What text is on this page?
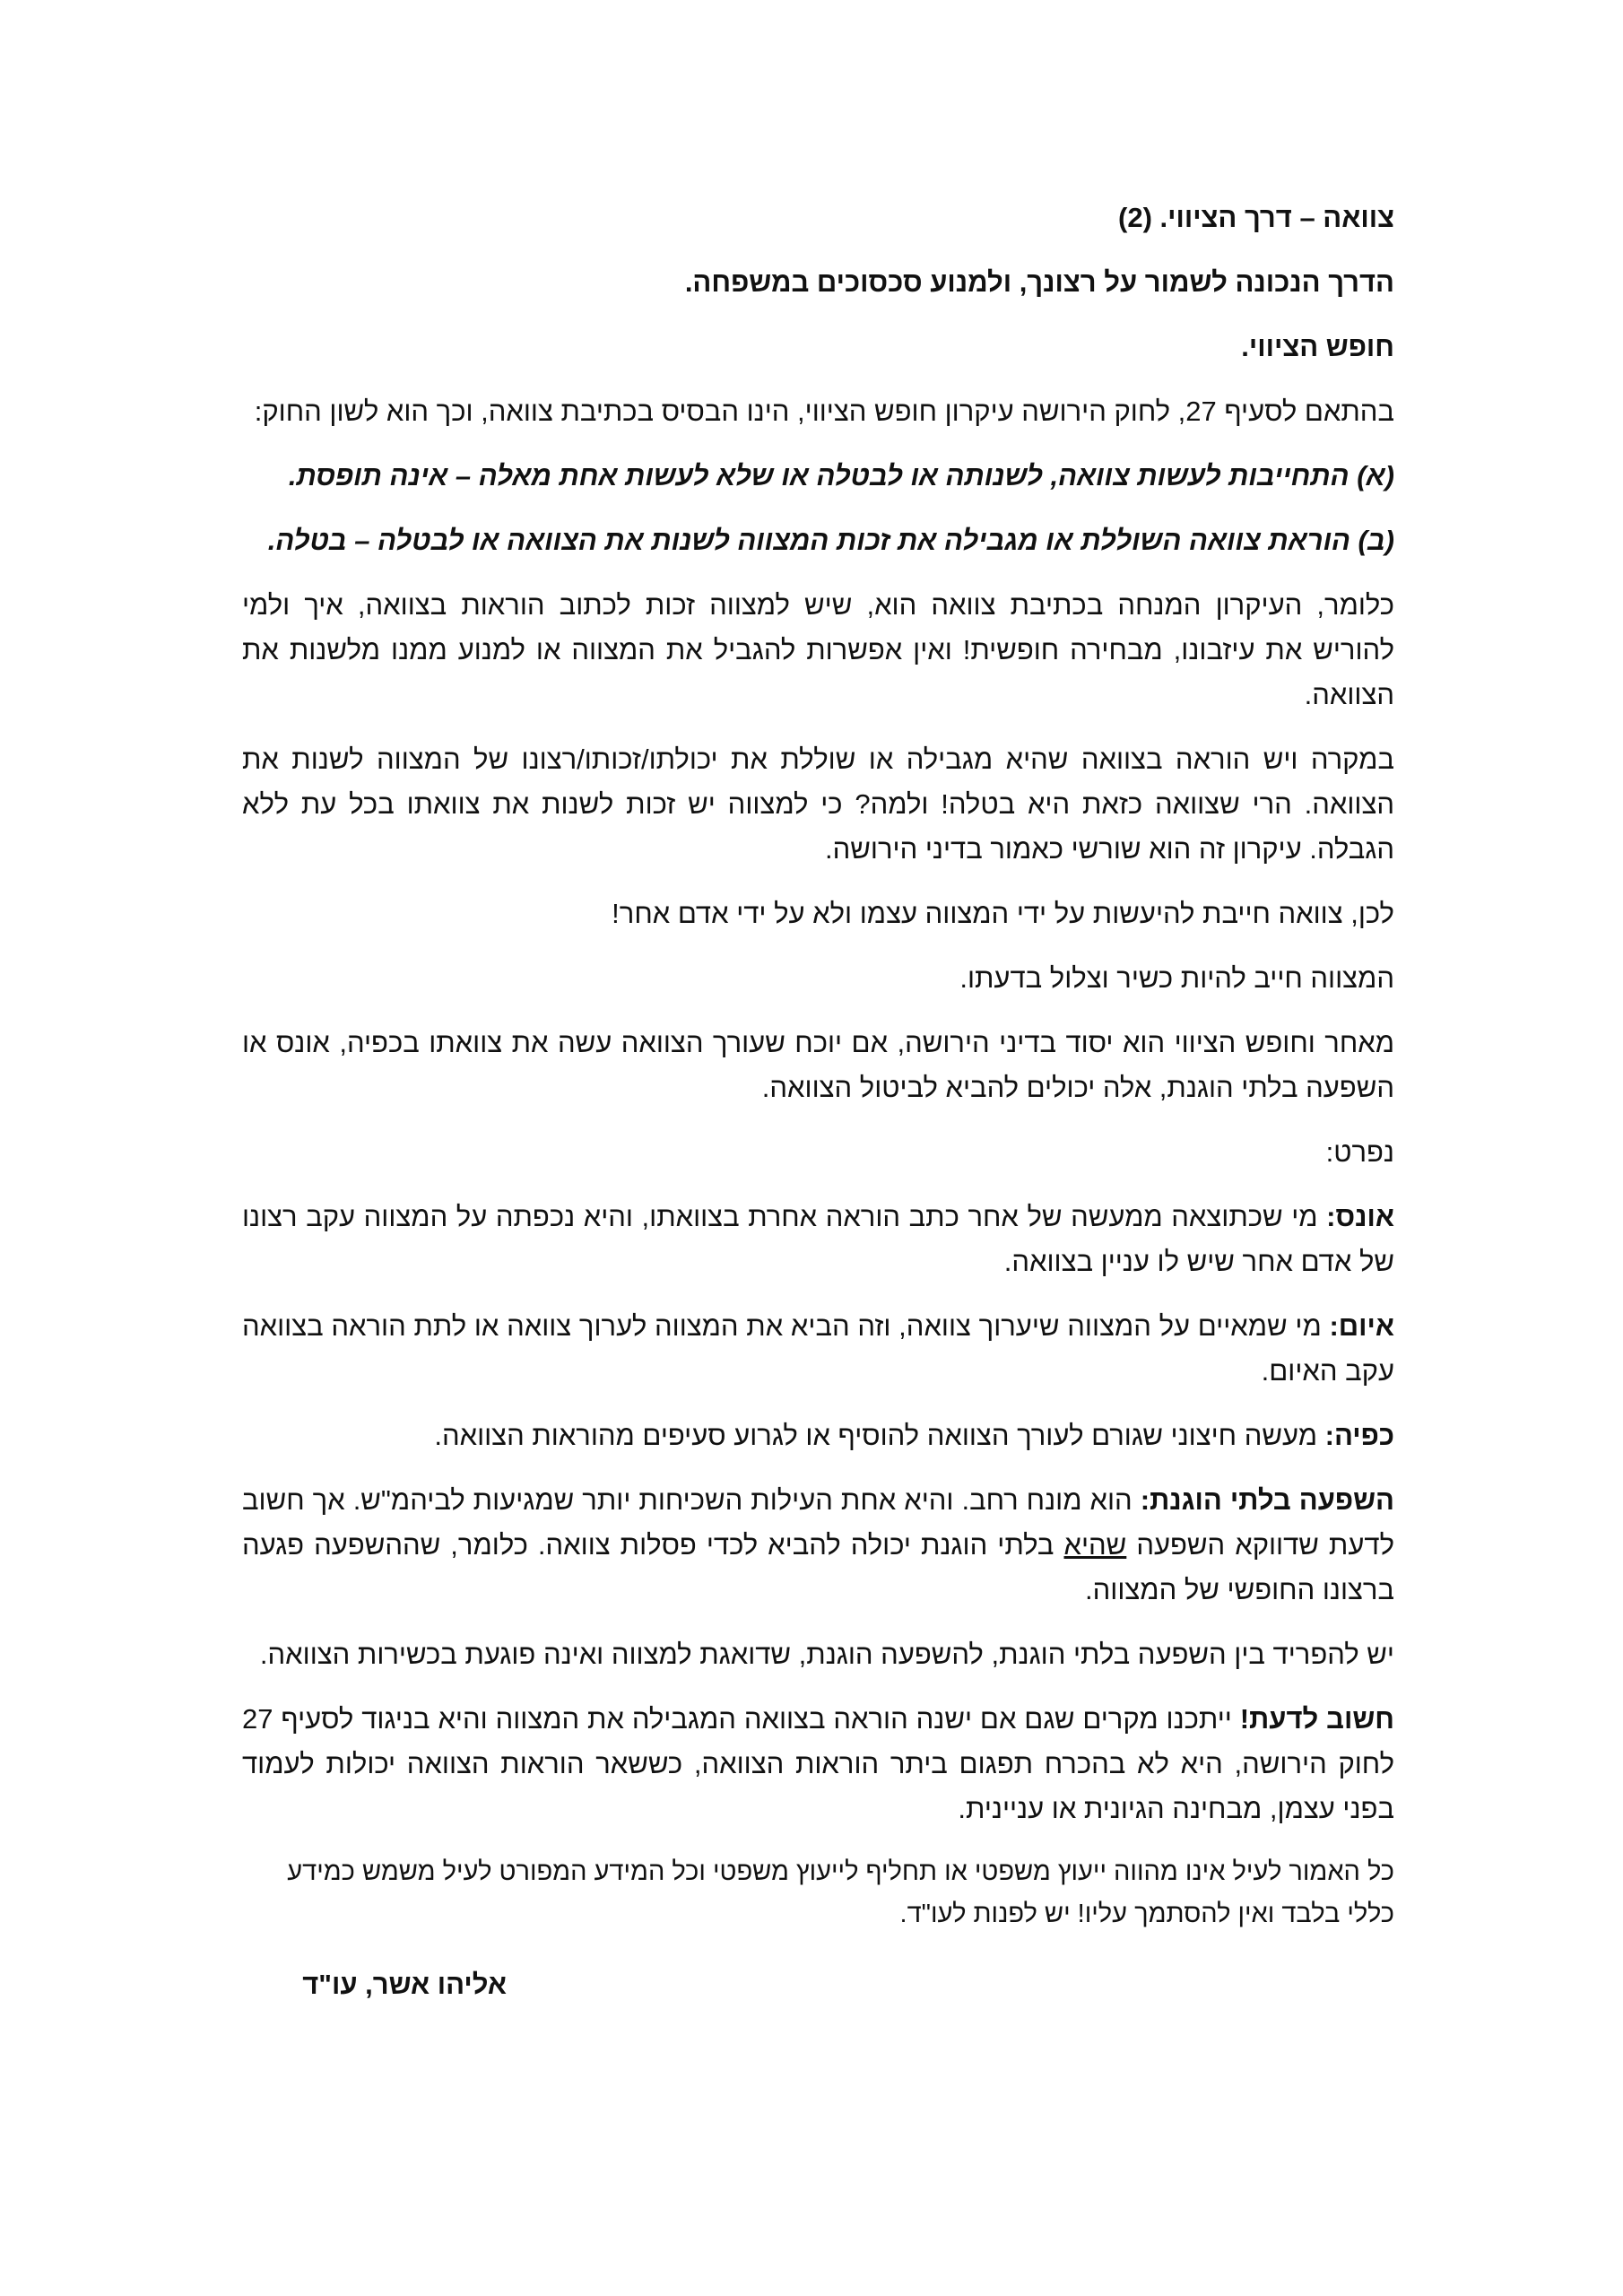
צוואה – דרך הציווי. (2)

הדרך הנכונה לשמור על רצונך, ולמנוע סכסוכים במשפחה.

חופש הציווי.

בהתאם לסעיף 27, לחוק הירושה עיקרון חופש הציווי, הינו הבסיס בכתיבת צוואה, וכך הוא לשון החוק:

(א) התחייבות לעשות צוואה, לשנותה או לבטלה או שלא לעשות אחת מאלה – אינה תופסת.

(ב) הוראת צוואה השוללת או מגבילה את זכות המצווה לשנות את הצוואה או לבטלה – בטלה.

כלומר, העיקרון המנחה בכתיבת צוואה הוא, שיש למצווה זכות לכתוב הוראות בצוואה, איך ולמי להוריש את עיזבונו, מבחירה חופשית! ואין אפשרות להגביל את המצווה או למנוע ממנו מלשנות את הצוואה.

במקרה ויש הוראה בצוואה שהיא מגבילה או שוללת את יכולתו/זכותו/רצונו של המצווה לשנות את הצוואה. הרי שצוואה כזאת היא בטלה! ולמה? כי למצווה יש זכות לשנות את צוואתו בכל עת ללא הגבלה. עיקרון זה הוא שורשי כאמור בדיני הירושה.

לכן, צוואה חייבת להיעשות על ידי המצווה עצמו ולא על ידי אדם אחר!

המצווה חייב להיות כשיר וצלול בדעתו.

מאחר וחופש הציווי הוא יסוד בדיני הירושה, אם יוכח שעורך הצוואה עשה את צוואתו בכפיה, אונס או השפעה בלתי הוגנת, אלה יכולים להביא לביטול הצוואה.

נפרט:

אונס: מי שכתוצאה ממעשה של אחר כתב הוראה אחרת בצוואתו, והיא נכפתה על המצווה עקב רצונו של אדם אחר שיש לו עניין בצוואה.

איום: מי שמאיים על המצווה שיערוך צוואה, וזה הביא את המצווה לערוך צוואה או לתת הוראה בצוואה עקב האיום.

כפיה: מעשה חיצוני שגורם לעורך הצוואה להוסיף או לגרוע סעיפים מהוראות הצוואה.

השפעה בלתי הוגנת: הוא מונח רחב. והיא אחת העילות השכיחות יותר שמגיעות לביהמ"ש. אך חשוב לדעת שדווקא השפעה שהיא בלתי הוגנת יכולה להביא לכדי פסלות צוואה. כלומר, שההשפעה פגעה ברצונו החופשי של המצווה.

יש להפריד בין השפעה בלתי הוגנת, להשפעה הוגנת, שדואגת למצווה ואינה פוגעת בכשירות הצוואה.

חשוב לדעת! ייתכנו מקרים שגם אם ישנה הוראה בצוואה המגבילה את המצווה והיא בניגוד לסעיף 27 לחוק הירושה, היא לא בהכרח תפגום ביתר הוראות הצוואה, כששאר הוראות הצוואה יכולות לעמוד בפני עצמן, מבחינה הגיונית או עניינית.

כל האמור לעיל אינו מהווה ייעוץ משפטי או תחליף לייעוץ משפטי וכל המידע המפורט לעיל משמש כמידע כללי בלבד ואין להסתמך עליו! יש לפנות לעו"ד.

אליהו אשר, עו"ד
